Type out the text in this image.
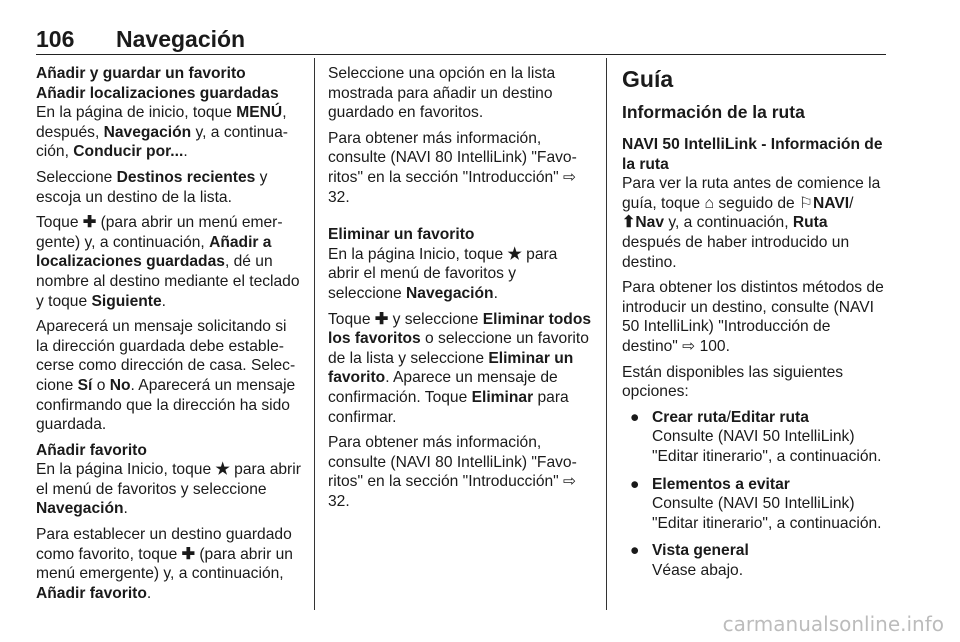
106 Navegación

Añadir y guardar un favorito

Añadir localizaciones guardadas

En la página de inicio, toque MENÚ, después, Navegación y, a continua‐ ción, Conducir por....

Seleccione Destinos recientes y escoja un destino de la lista.

Toque ✚ (para abrir un menú emer‐ gente) y, a continuación, Añadir a localizaciones guardadas, dé un nombre al destino mediante el teclado y toque Siguiente.

Aparecerá un mensaje solicitando si la dirección guardada debe estable‐ cerse como dirección de casa. Selec‐ cione Sí o No. Aparecerá un mensaje confirmando que la dirección ha sido guardada.

Añadir favorito

En la página Inicio, toque ★ para abrir el menú de favoritos y seleccione Navegación.

Para establecer un destino guardado como favorito, toque ✚ (para abrir un menú emergente) y, a continuación, Añadir favorito.

Seleccione una opción en la lista mostrada para añadir un destino guardado en favoritos.

Para obtener más información, consulte (NAVI 80 IntelliLink) "Favo‐ ritos" en la sección "Introducción" ⇨ 32.

Eliminar un favorito

En la página Inicio, toque ★ para abrir el menú de favoritos y seleccione Navegación.

Toque ✚ y seleccione Eliminar todos los favoritos o seleccione un favorito de la lista y seleccione Eliminar un favorito. Aparece un mensaje de confirmación. Toque Eliminar para confirmar.

Para obtener más información, consulte (NAVI 80 IntelliLink) "Favo‐ ritos" en la sección "Introducción" ⇨ 32.

Guía
Información de la ruta

NAVI 50 IntelliLink - Información de la ruta

Para ver la ruta antes de comience la guía, toque ⌂ seguido de ⚐NAVI/ ⬆Nav y, a continuación, Ruta después de haber introducido un destino.

Para obtener los distintos métodos de introducir un destino, consulte (NAVI 50 IntelliLink) "Introducción de destino" ⇨ 100.

Están disponibles las siguientes opciones:

● Crear ruta/Editar ruta
Consulte (NAVI 50 IntelliLink) "Editar itinerario", a continuación.
● Elementos a evitar
Consulte (NAVI 50 IntelliLink) "Editar itinerario", a continuación.
● Vista general
Véase abajo.
carmanualsonline.info
